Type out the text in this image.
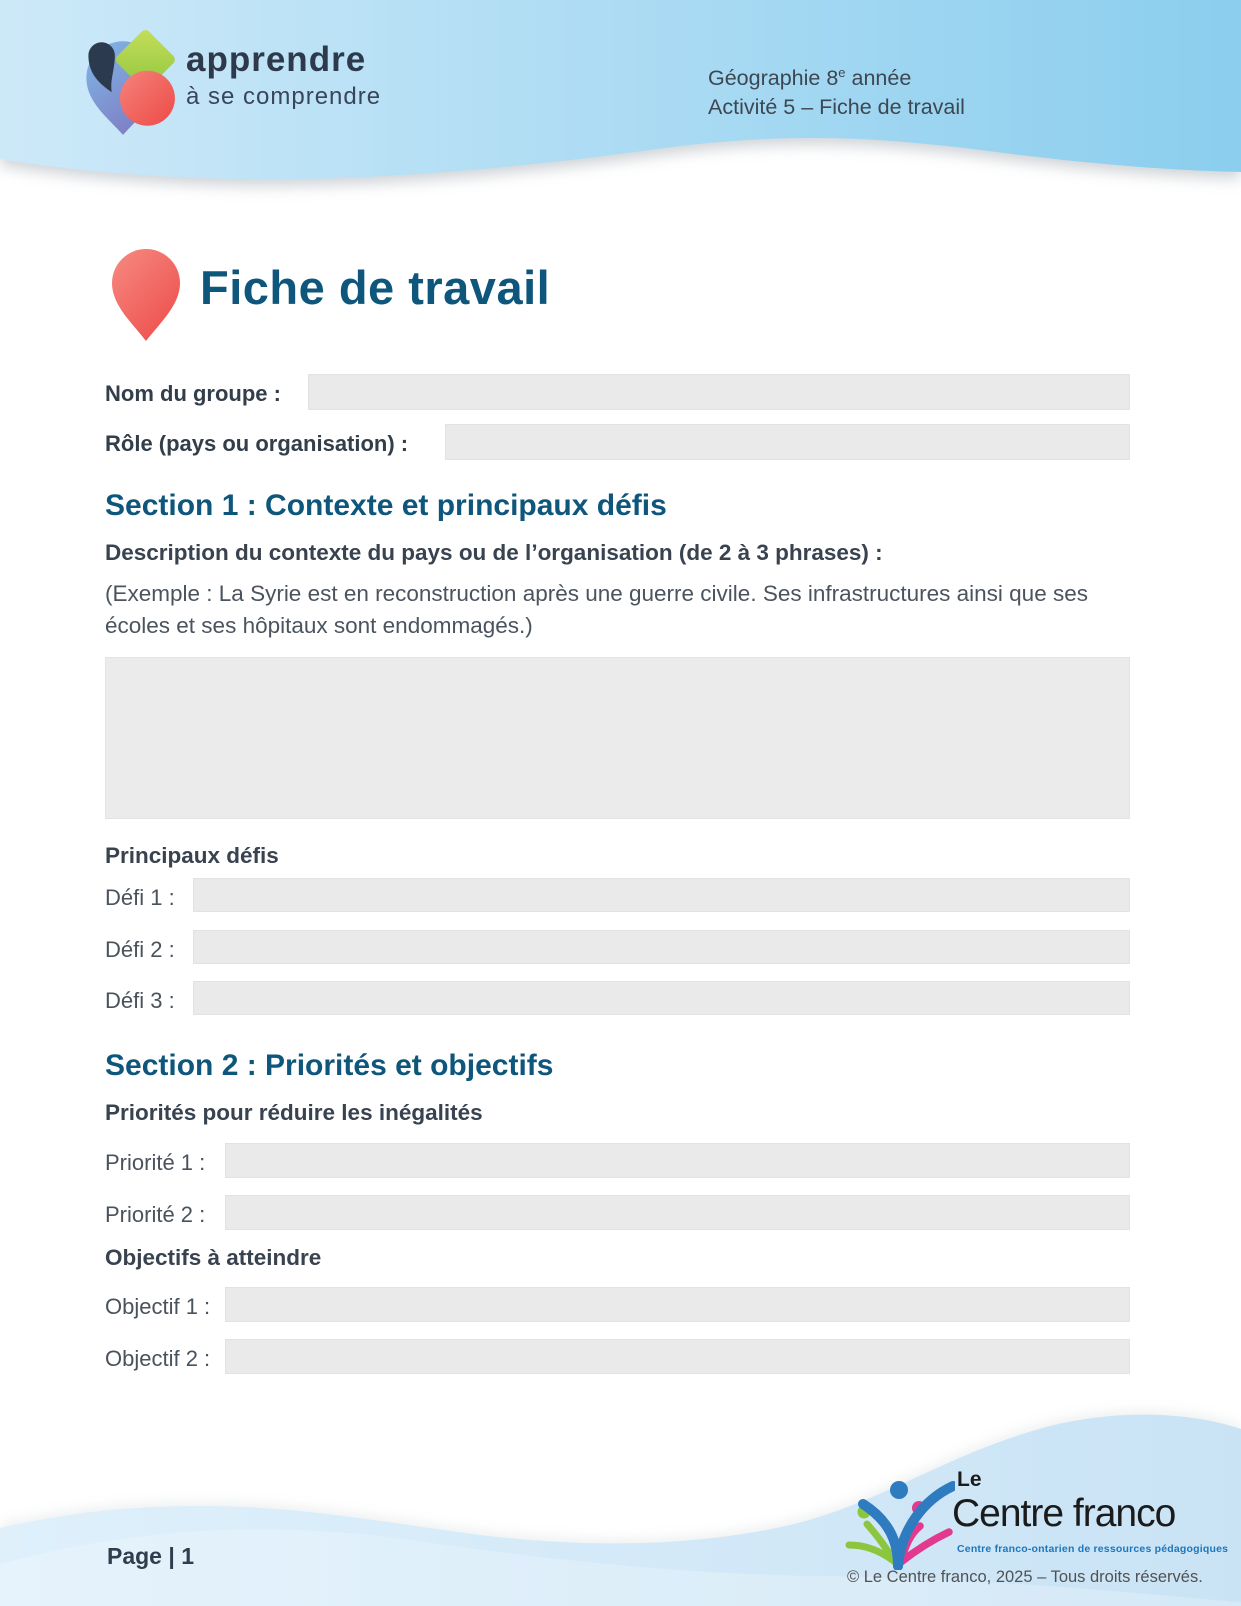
apprendre
à se comprendre
Géographie 8e année
Activité 5 – Fiche de travail
Fiche de travail
Nom du groupe :
Rôle (pays ou organisation) :
Section 1 : Contexte et principaux défis
Description du contexte du pays ou de l’organisation (de 2 à 3 phrases) :

(Exemple : La Syrie est en reconstruction après une guerre civile. Ses infrastructures ainsi que ses écoles et ses hôpitaux sont endommagés.)

Principaux défis
Défi 1 :
Défi 2 :
Défi 3 :
Section 2 : Priorités et objectifs
Priorités pour réduire les inégalités
Priorité 1 :
Priorité 2 :
Objectifs à atteindre
Objectif 1 :
Objectif 2 :
Page | 1
Le
Centre franco
Centre franco-ontarien de ressources pédagogiques
© Le Centre franco, 2025 – Tous droits réservés.
